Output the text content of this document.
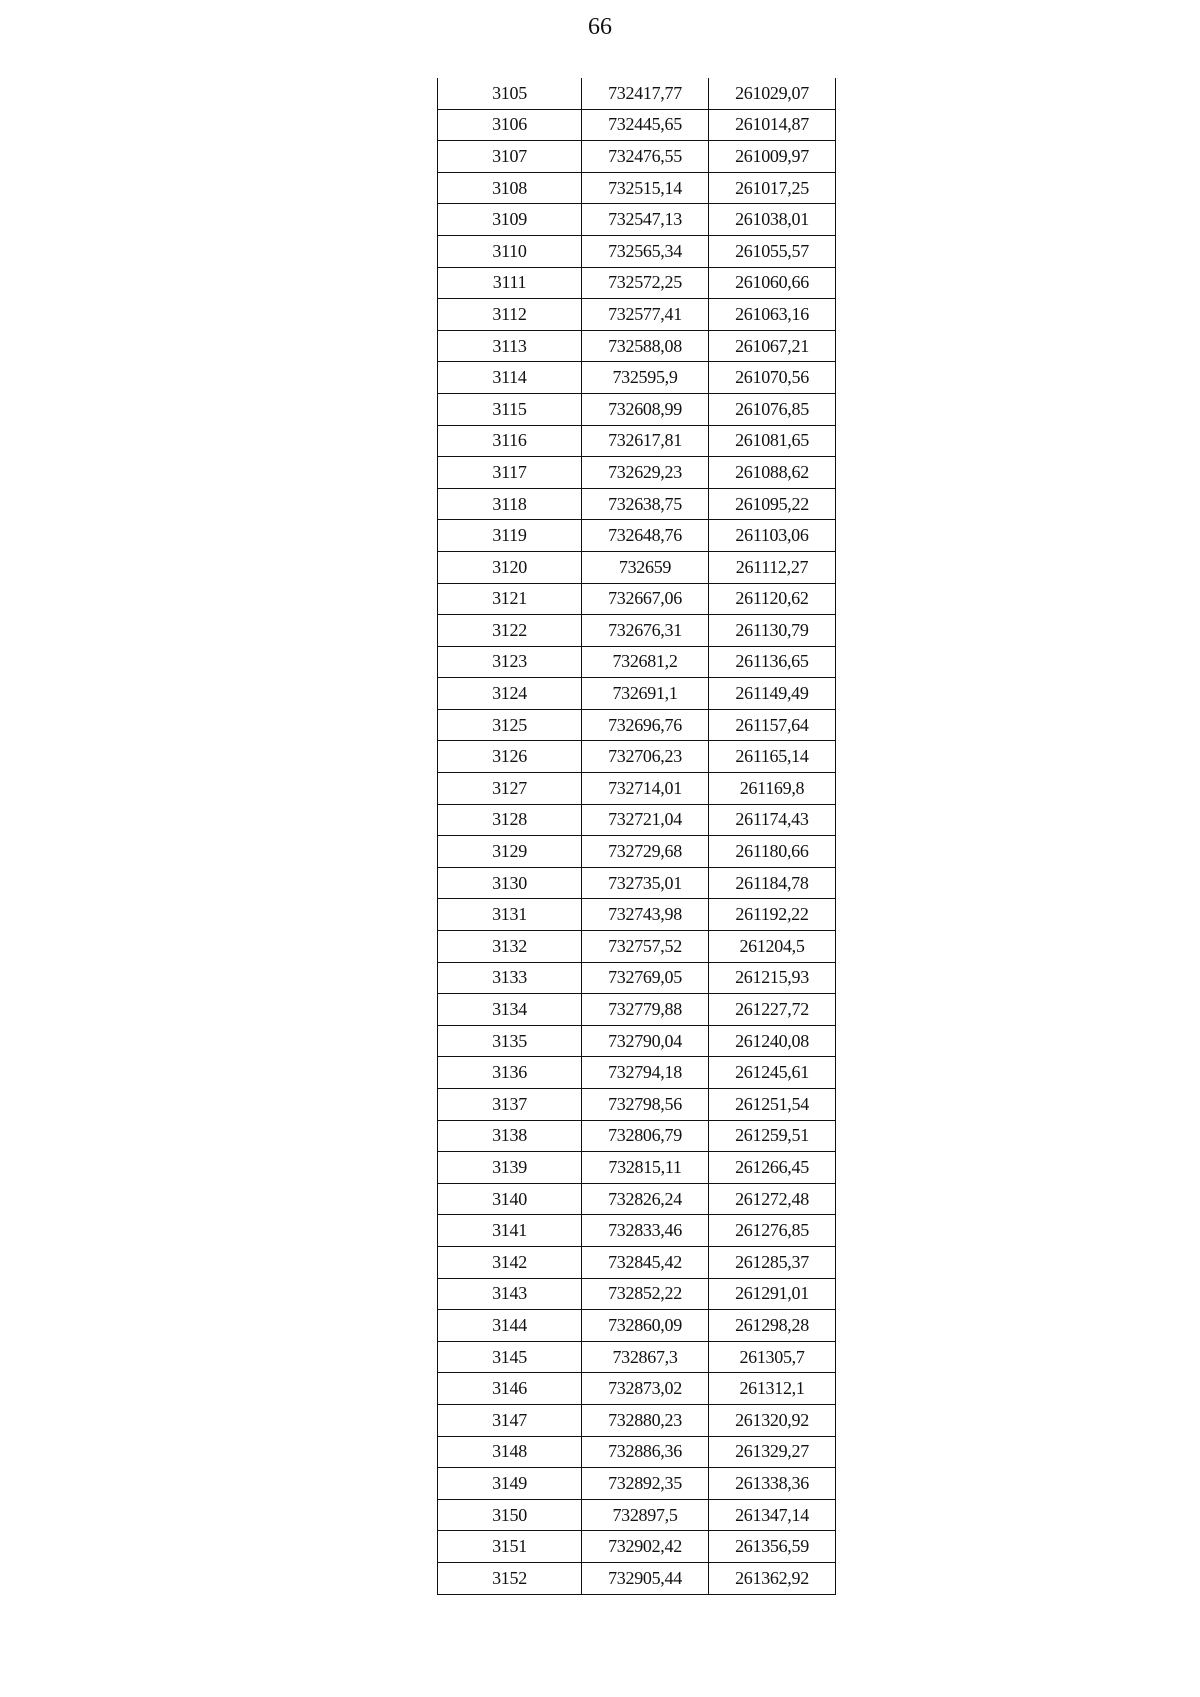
66
3105	732417,77	261029,07
3106	732445,65	261014,87
3107	732476,55	261009,97
3108	732515,14	261017,25
3109	732547,13	261038,01
3110	732565,34	261055,57
3111	732572,25	261060,66
3112	732577,41	261063,16
3113	732588,08	261067,21
3114	732595,9	261070,56
3115	732608,99	261076,85
3116	732617,81	261081,65
3117	732629,23	261088,62
3118	732638,75	261095,22
3119	732648,76	261103,06
3120	732659	261112,27
3121	732667,06	261120,62
3122	732676,31	261130,79
3123	732681,2	261136,65
3124	732691,1	261149,49
3125	732696,76	261157,64
3126	732706,23	261165,14
3127	732714,01	261169,8
3128	732721,04	261174,43
3129	732729,68	261180,66
3130	732735,01	261184,78
3131	732743,98	261192,22
3132	732757,52	261204,5
3133	732769,05	261215,93
3134	732779,88	261227,72
3135	732790,04	261240,08
3136	732794,18	261245,61
3137	732798,56	261251,54
3138	732806,79	261259,51
3139	732815,11	261266,45
3140	732826,24	261272,48
3141	732833,46	261276,85
3142	732845,42	261285,37
3143	732852,22	261291,01
3144	732860,09	261298,28
3145	732867,3	261305,7
3146	732873,02	261312,1
3147	732880,23	261320,92
3148	732886,36	261329,27
3149	732892,35	261338,36
3150	732897,5	261347,14
3151	732902,42	261356,59
3152	732905,44	261362,92
